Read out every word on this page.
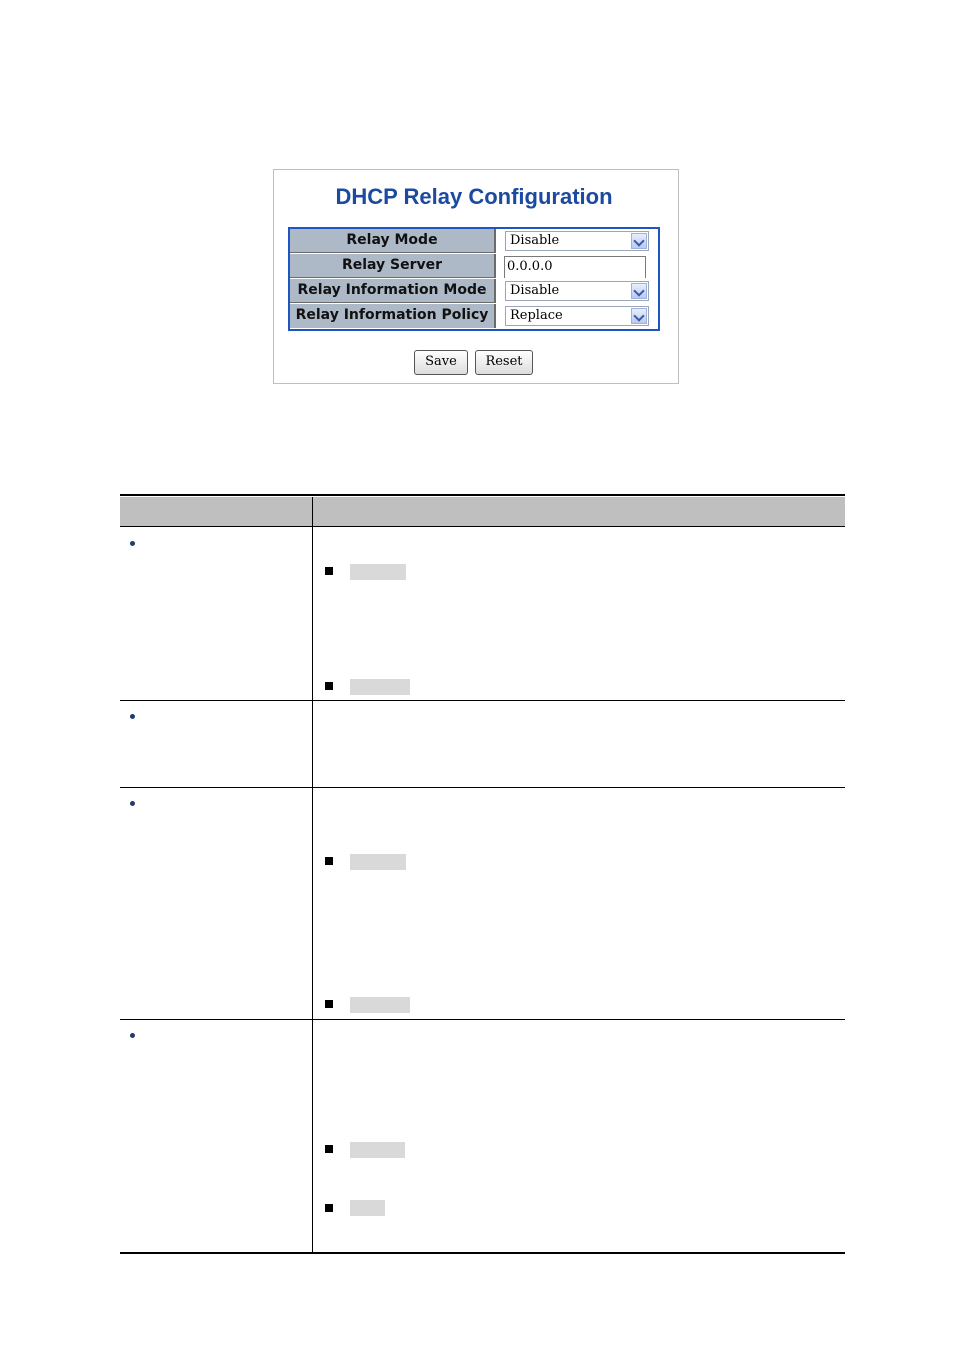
DHCP Relay Configuration
Relay Mode	Disable
Relay Server	0.0.0.0
Relay Information Mode	Disable
Relay Information Policy	Replace
Save	Reset
